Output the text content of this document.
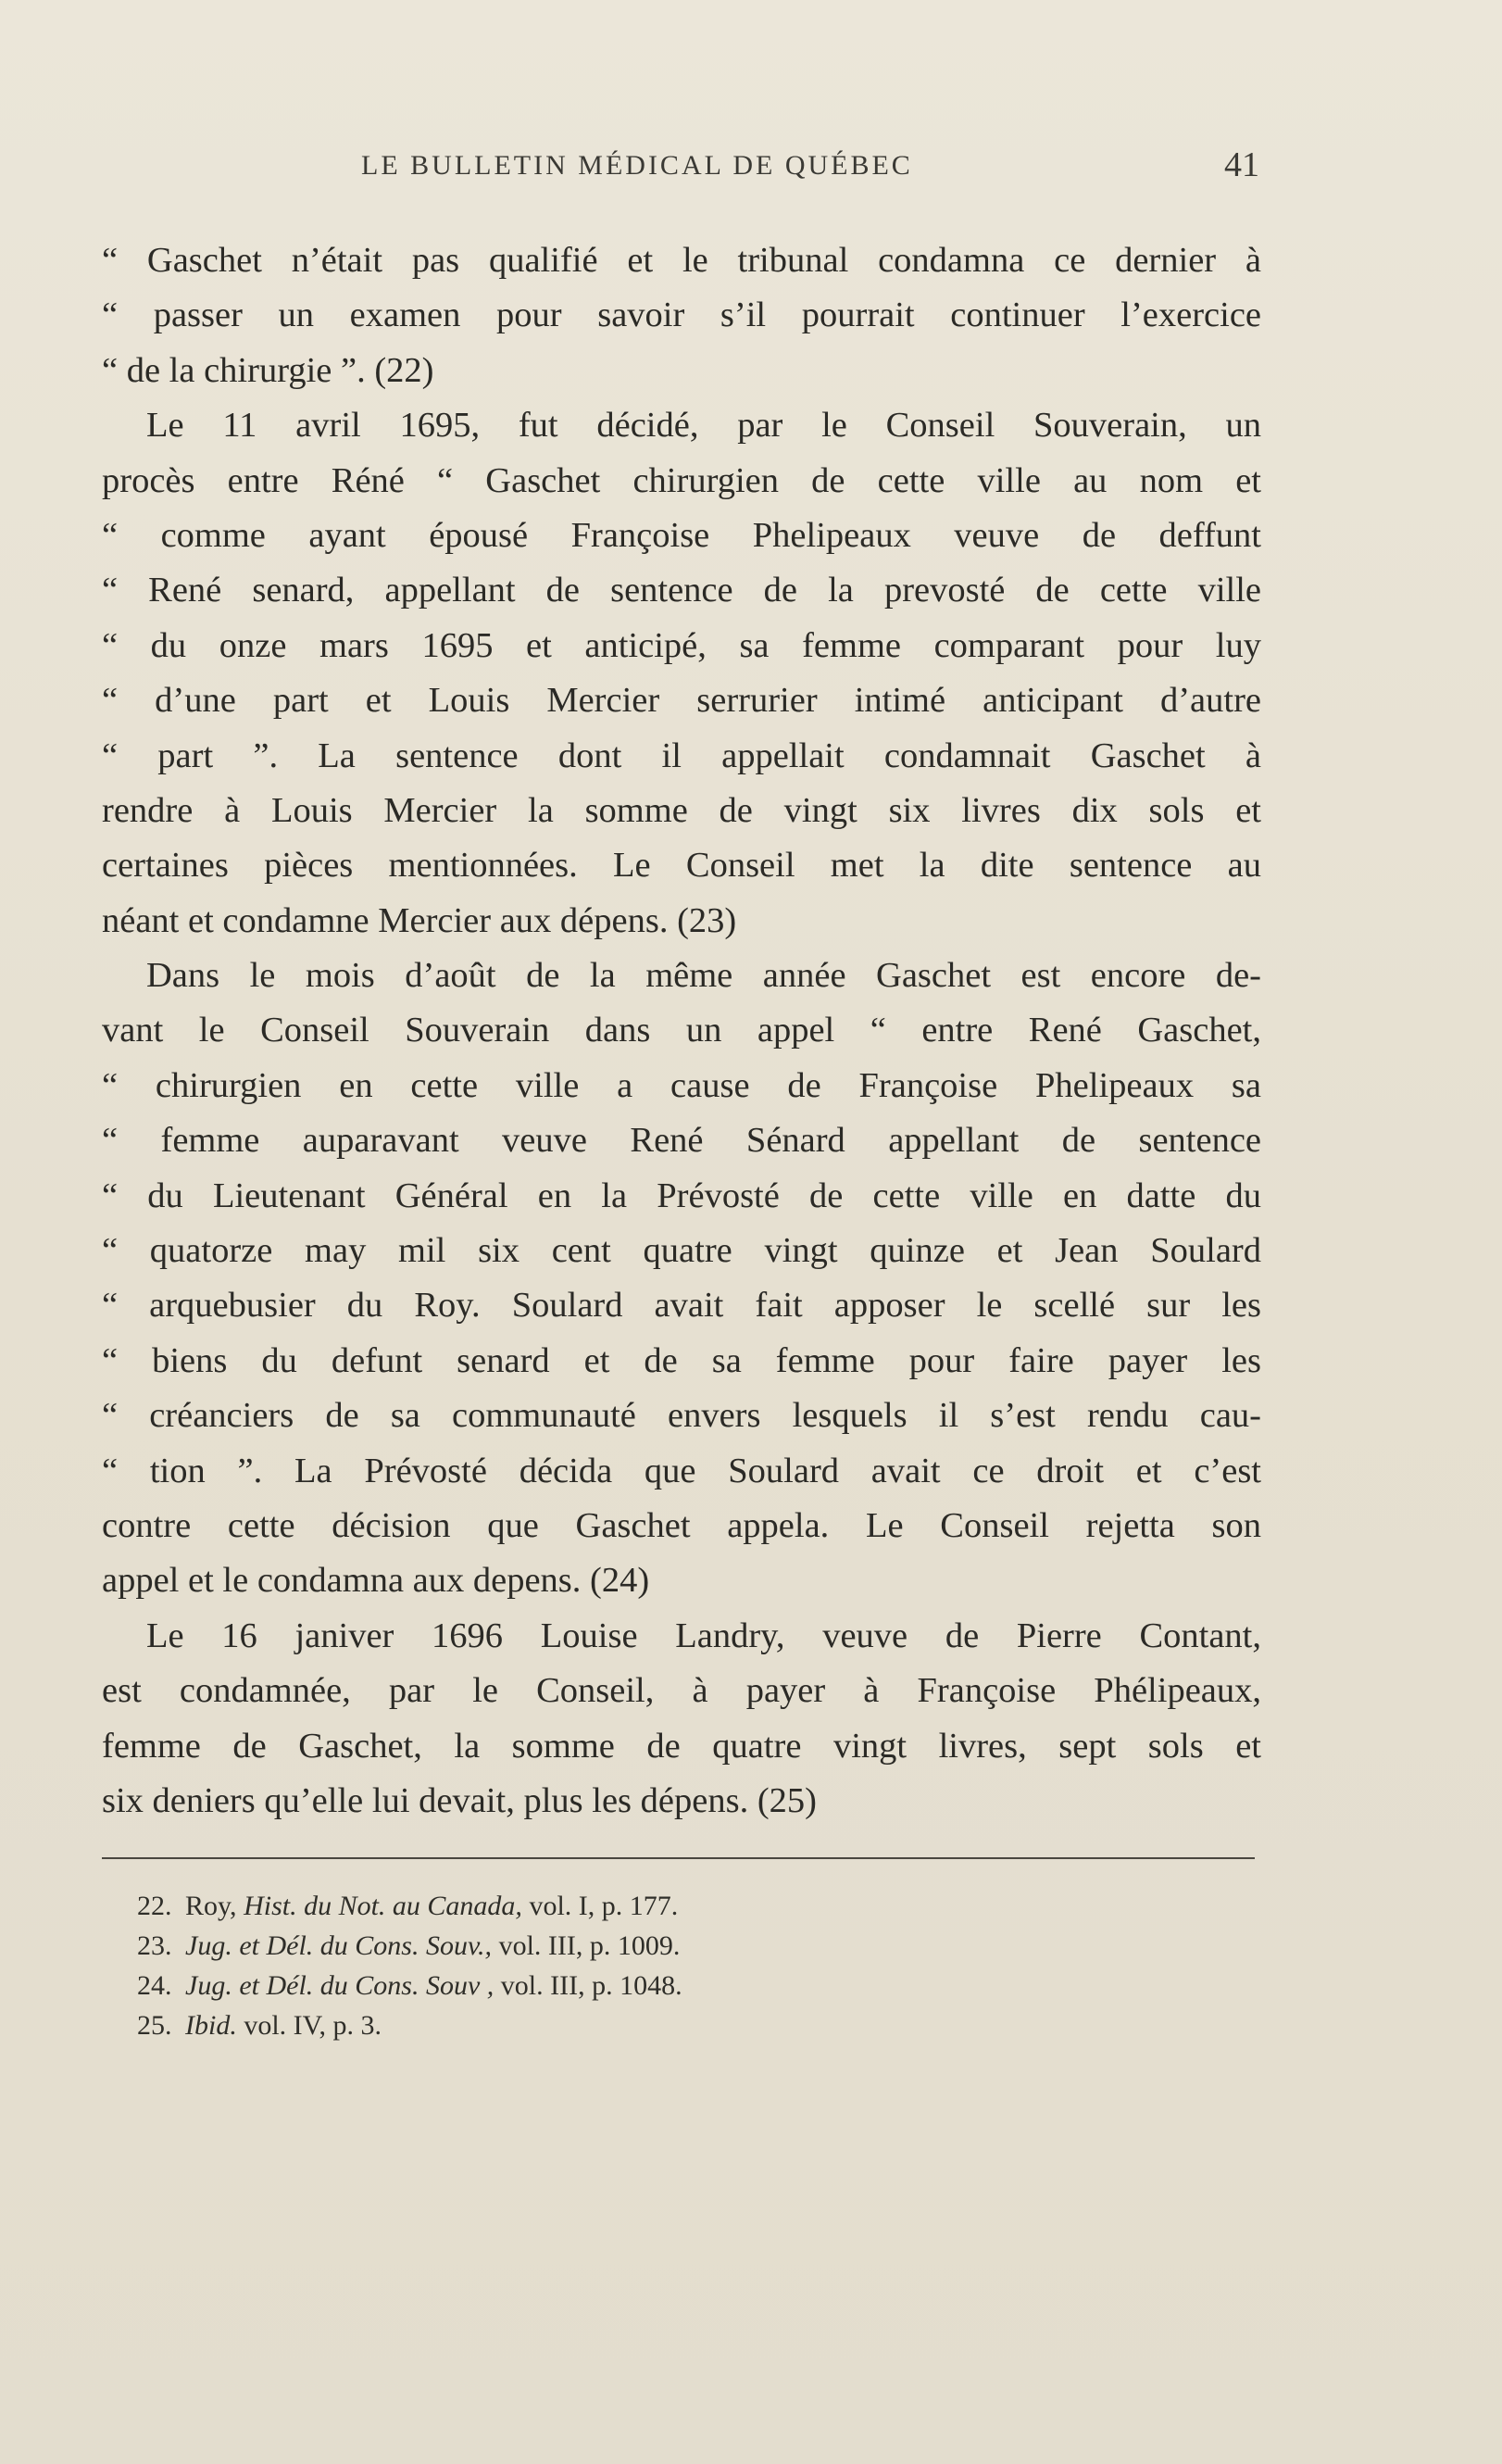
LE BULLETIN MÉDICAL DE QUÉBEC	41

“ Gaschet n’était pas qualifié et le tribunal condamna ce dernier à
“ passer un examen pour savoir s’il pourrait continuer l’exercice
“ de la chirurgie ”. (22)

Le 11 avril 1695, fut décidé, par le Conseil Souverain, un
procès entre Réné “ Gaschet chirurgien de cette ville au nom et
“ comme ayant épousé Françoise Phelipeaux veuve de deffunt
“ René senard, appellant de sentence de la prevosté de cette ville
“ du onze mars 1695 et anticipé, sa femme comparant pour luy
“ d’une part et Louis Mercier serrurier intimé anticipant d’autre
“ part ”. La sentence dont il appellait condamnait Gaschet à
rendre à Louis Mercier la somme de vingt six livres dix sols et
certaines pièces mentionnées. Le Conseil met la dite sentence au
néant et condamne Mercier aux dépens. (23)

Dans le mois d’août de la même année Gaschet est encore de-
vant le Conseil Souverain dans un appel “ entre René Gaschet,
“ chirurgien en cette ville a cause de Françoise Phelipeaux sa
“ femme auparavant veuve René Sénard appellant de sentence
“ du Lieutenant Général en la Prévosté de cette ville en datte du
“ quatorze may mil six cent quatre vingt quinze et Jean Soulard
“ arquebusier du Roy. Soulard avait fait apposer le scellé sur les
“ biens du defunt senard et de sa femme pour faire payer les
“ créanciers de sa communauté envers lesquels il s’est rendu cau-
“ tion ”. La Prévosté décida que Soulard avait ce droit et c’est
contre cette décision que Gaschet appela. Le Conseil rejetta son
appel et le condamna aux depens. (24)

Le 16 janiver 1696 Louise Landry, veuve de Pierre Contant,
est condamnée, par le Conseil, à payer à Françoise Phélipeaux,
femme de Gaschet, la somme de quatre vingt livres, sept sols et
six deniers qu’elle lui devait, plus les dépens. (25)

22. Roy, Hist. du Not. au Canada, vol. I, p. 177.
23. Jug. et Dél. du Cons. Souv., vol. III, p. 1009.
24. Jug. et Dél. du Cons. Souv , vol. III, p. 1048.
25. Ibid. vol. IV, p. 3.
